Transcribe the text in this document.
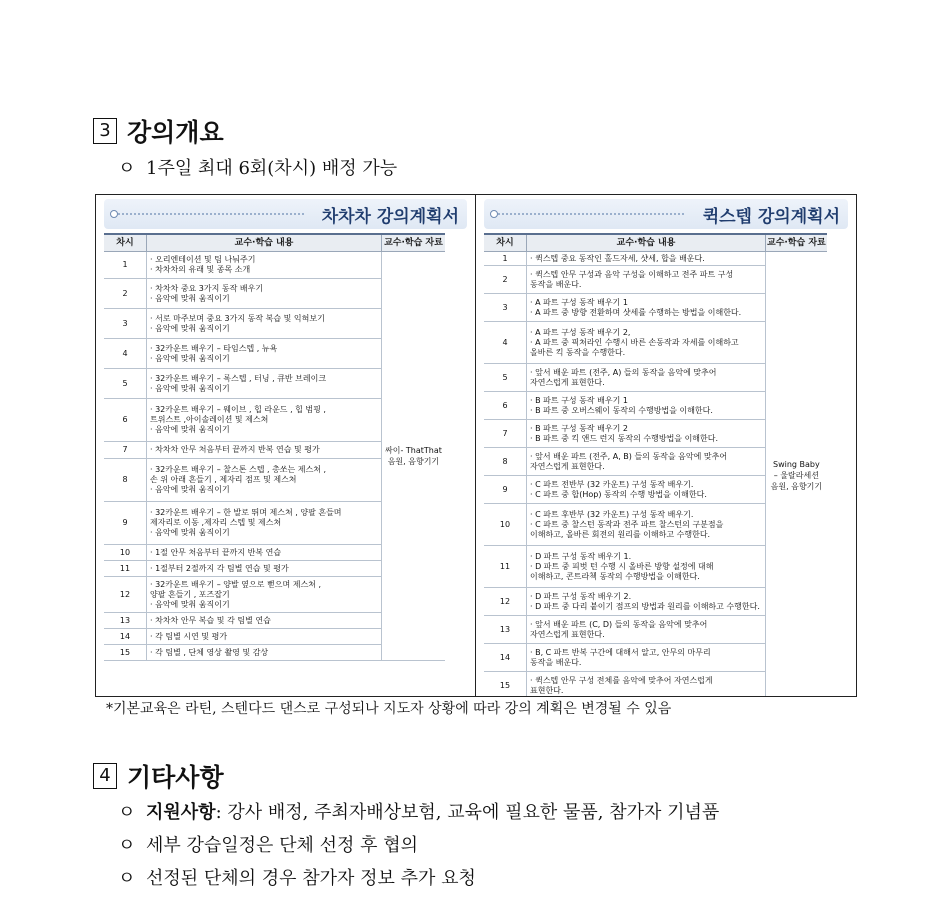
3 강의개요
ㅇ 1주일 최대 6회(차시) 배정 가능
차차차 강의계획서
차시	교수·학습 내용	교수·학습 자료
1	· 오리엔테이션 및 팀 나눠주기
· 차차차의 유래 및 종목 소개	싸이- ThatThat
음원, 음향기기

2	· 차차차 중요 3가지 동작 배우기
· 음악에 맞춰 움직이기	

3	· 서로 마주보며 중요 3가지 동작 복습 및 익혀보기
· 음악에 맞춰 움직이기	

4	· 32카운트 배우기 – 타임스텝 , 뉴욕
· 음악에 맞춰 움직이기	

5	· 32카운트 배우기 – 록스텝 , 터닝 , 큐반 브레이크
· 음악에 맞춰 움직이기	

6	· 32카운트 배우기 – 웨이브 , 힙 라운드 , 힙 범핑 ,
트위스트 ,아이솔레이션 및 제스쳐
· 음악에 맞춰 움직이기	

7	· 차차차 안무 처음부터 끝까지 반복 연습 및 평가	

8	· 32카운트 배우기 – 찰스톤 스텝 , 총쏘는 제스쳐 ,
손 위 아래 흔들기 , 제자리 점프 및 제스쳐
· 음악에 맞춰 움직이기	

9	· 32카운트 배우기 – 한 발로 뛰며 제스쳐 , 양팔 흔들며
제자리로 이동 ,제자리 스텝 및 제스쳐
· 음악에 맞춰 움직이기	

10	· 1절 안무 처음부터 끝까지 반복 연습	

11	· 1절부터 2절까지 각 팀별 연습 및 평가	

12	· 32카운트 배우기 – 양발 옆으로 뻗으며 제스쳐 ,
양팔 흔들기 , 포즈잡기
· 음악에 맞춰 움직이기	

13	· 차차차 안무 복습 및 각 팀별 연습	

14	· 각 팀별 시연 및 평가	

15	· 각 팀별 , 단체 영상 촬영 및 감상	
퀵스텝 강의계획서
차시	교수·학습 내용	교수·학습 자료
1	· 퀵스텝 중요 동작인 홀드자세, 샷세, 합을 배운다.	Swing Baby
– 울랄라세션
음원, 음향기기

2	· 퀵스텝 안무 구성과 음악 구성을 이해하고 전주 파트 구성
동작을 배운다.	

3	· A 파트 구성 동작 배우기 1
· A 파트 중 방향 전환하며 샷세를 수행하는 방법을 이해한다.	

4	· A 파트 구성 동작 배우기 2,
· A 파트 중 픽쳐라인 수행시 바른 손동작과 자세를 이해하고
올바른 킥 동작을 수행한다.	

5	· 앞서 배운 파트 (전주, A) 들의 동작을 음악에 맞추어
자연스럽게 표현한다.	

6	· B 파트 구성 동작 배우기 1
· B 파트 중 오버스웨이 동작의 수행방법을 이해한다.	

7	· B 파트 구성 동작 배우기 2
· B 파트 중 킥 앤드 런지 동작의 수행방법을 이해한다.	

8	· 앞서 배운 파트 (전주, A, B) 들의 동작을 음악에 맞추어
자연스럽게 표현한다.	

9	· C 파트 전반부 (32 카운트) 구성 동작 배우기.
· C 파트 중 합(Hop) 동작의 수행 방법을 이해한다.	

10	· C 파트 후반부 (32 카운트) 구성 동작 배우기.
· C 파트 중 찰스턴 동작과 전주 파트 찰스턴의 구분점을
이해하고, 올바른 회전의 원리를 이해하고 수행한다.	

11	· D 파트 구성 동작 배우기 1.
· D 파트 중 피벗 턴 수행 시 올바른 방향 설정에 대해
이해하고, 콘트라첵 동작의 수행방법을 이해한다.	

12	· D 파트 구성 동작 배우기 2.
· D 파트 중 다리 붙이기 점프의 방법과 원리를 이해하고 수행한다.	

13	· 앞서 배운 파트 (C, D) 들의 동작을 음악에 맞추어
자연스럽게 표현한다.	

14	· B, C 파트 반복 구간에 대해서 알고, 안무의 마무리
동작을 배운다.	

15	· 퀵스텝 안무 구성 전체를 음악에 맞추어 자연스럽게
표현한다.	
*기본교육은 라틴, 스텐다드 댄스로 구성되나 지도자 상황에 따라 강의 계획은 변경될 수 있음
4 기타사항
ㅇ 지원사항: 강사 배정, 주최자배상보험, 교육에 필요한 물품, 참가자 기념품
ㅇ 세부 강습일정은 단체 선정 후 협의
ㅇ 선정된 단체의 경우 참가자 정보 추가 요청
